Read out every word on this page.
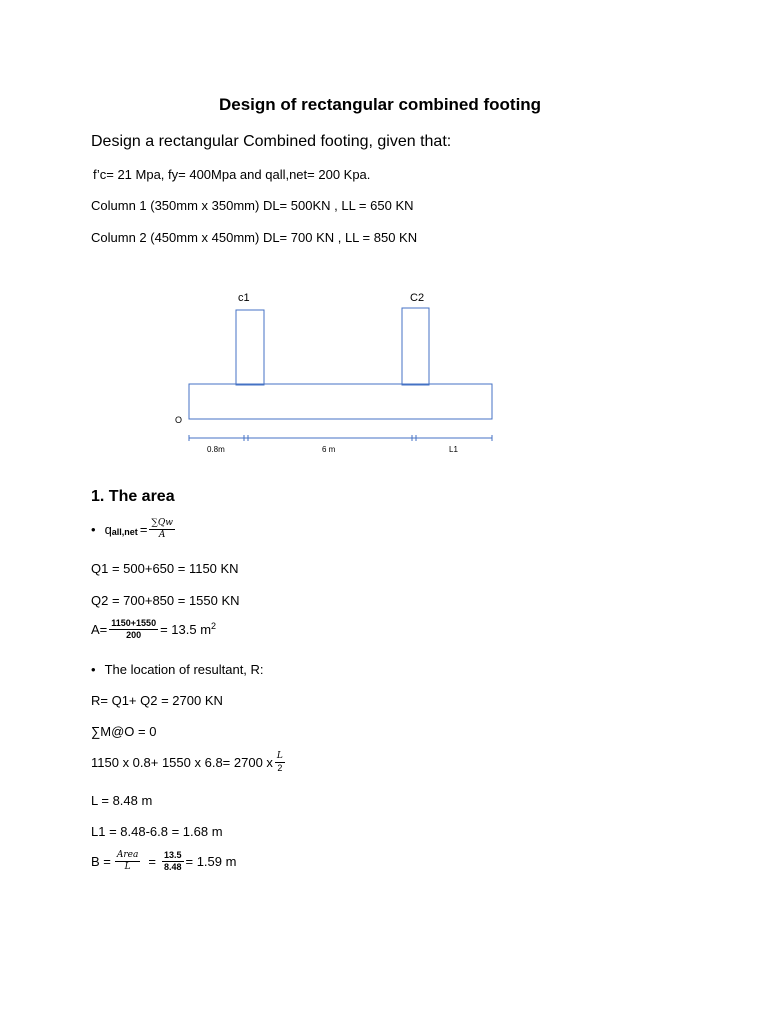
Design of rectangular combined footing
Design a rectangular Combined footing, given that:
f’c= 21 Mpa, fy= 400Mpa and qall,net= 200 Kpa.
Column 1 (350mm x 350mm) DL= 500KN , LL = 650 KN
Column 2 (450mm x 450mm) DL= 700 KN , LL = 850 KN
c1	C2
O
0.8m	6 m	L1
1. The area
• $q_{all,net} = \frac{\sum Qw}{A}$
Q1 = 500+650 = 1150 KN
Q2 = 700+850 = 1550 KN
$A= \frac{1150+1550}{200} = 13.5$ $m^2$
• The location of resultant, R:
R= Q1+ Q2 = 2700 KN
∑M@O = 0
1150 x 0.8+ 1550 x 6.8= 2700 x $\frac{L}{2}$
L = 8.48 m
L1 = 8.48-6.8 = 1.68 m
$B = \frac{\text{Area}}{L} = \frac{13.5}{8.48} = 1.59$ m
